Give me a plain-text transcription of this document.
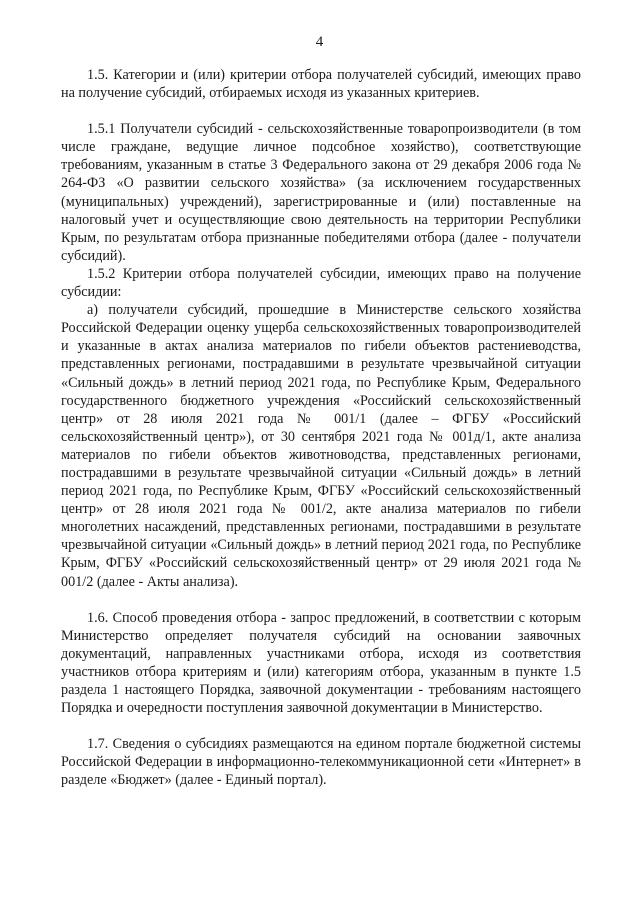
4

1.5. Категории и (или) критерии отбора получателей субсидий, имеющих право на получение субсидий, отбираемых исходя из указанных критериев.

1.5.1 Получатели субсидий - сельскохозяйственные товаропроизводители (в том числе граждане, ведущие личное подсобное хозяйство), соответствующие требованиям, указанным в статье 3 Федерального закона от 29 декабря 2006 года № 264-ФЗ «О развитии сельского хозяйства» (за исключением государственных (муниципальных) учреждений), зарегистрированные и (или) поставленные на налоговый учет и осуществляющие свою деятельность на территории Республики Крым, по результатам отбора признанные победителями отбора (далее - получатели субсидий).

1.5.2 Критерии отбора получателей субсидии, имеющих право на получение субсидии:

а) получатели субсидий, прошедшие в Министерстве сельского хозяйства Российской Федерации оценку ущерба сельскохозяйственных товаропроизводителей и указанные в актах анализа материалов по гибели объектов растениеводства, представленных регионами, пострадавшими в результате чрезвычайной ситуации «Сильный дождь» в летний период 2021 года, по Республике Крым, Федерального государственного бюджетного учреждения «Российский сельскохозяйственный центр» от 28 июля 2021 года № 001/1 (далее – ФГБУ «Российский сельскохозяйственный центр»), от 30 сентября 2021 года № 001д/1, акте анализа материалов по гибели объектов животноводства, представленных регионами, пострадавшими в результате чрезвычайной ситуации «Сильный дождь» в летний период 2021 года, по Республике Крым, ФГБУ «Российский сельскохозяйственный центр» от 28 июля 2021 года № 001/2, акте анализа материалов по гибели многолетних насаждений, представленных регионами, пострадавшими в результате чрезвычайной ситуации «Сильный дождь» в летний период 2021 года, по Республике Крым, ФГБУ «Российский сельскохозяйственный центр» от 29 июля 2021 года № 001/2 (далее - Акты анализа).

1.6. Способ проведения отбора - запрос предложений, в соответствии с которым Министерство определяет получателя субсидий на основании заявочных документаций, направленных участниками отбора, исходя из соответствия участников отбора критериям и (или) категориям отбора, указанным в пункте 1.5 раздела 1 настоящего Порядка, заявочной документации - требованиям настоящего Порядка и очередности поступления заявочной документации в Министерство.

1.7. Сведения о субсидиях размещаются на едином портале бюджетной системы Российской Федерации в информационно-телекоммуникационной сети «Интернет» в разделе «Бюджет» (далее - Единый портал).
